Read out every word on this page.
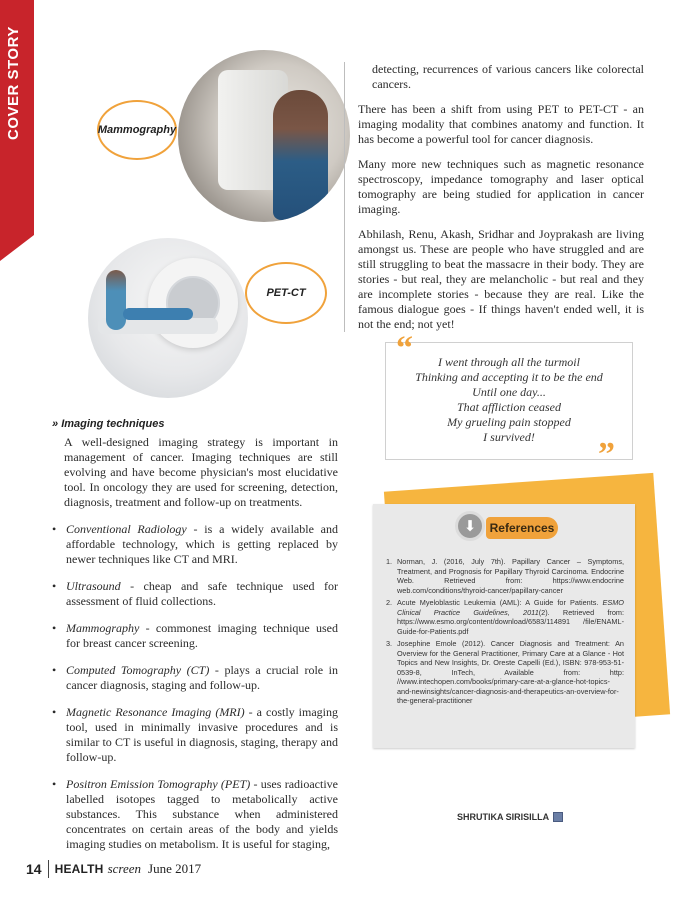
COVER STORY	Mammography
PET-CT

detecting, recurrences of various cancers like colorectal cancers.

There has been a shift from using PET to PET-CT - an imaging modality that combines anatomy and function. It has become a powerful tool for cancer diagnosis.

Many more new techniques such as magnetic resonance spectroscopy, impedance tomography and laser optical tomography are being studied for application in cancer imaging.

Abhilash, Renu, Akash, Sridhar and Joyprakash are living amongst us. These are people who have struggled and are still struggling to beat the massacre in their body. They are stories - but real, they are melancholic - but real and they are incomplete stories - because they are real. Like the famous dialogue goes - If things haven't ended well, it is not the end; not yet!

I went through all the turmoil
Thinking and accepting it to be the end
Until one day...
That affliction ceased
My grueling pain stopped
I survived!
“
”
⬇	References
1. Norman, J. (2016, July 7th). Papillary Cancer – Symptoms, Treatment, and Prognosis for Papillary Thyroid Carcinoma. Endocrine Web. Retrieved from: https://www.endocrine web.com/conditions/thyroid-cancer/papillary-cancer
2. Acute Myeloblastic Leukemia (AML): A Guide for Patients. ESMO Clinical Practice Guidelines, 2011(2). Retrieved from: https://www.esmo.org/content/download/6583/114891 /file/ENAML-Guide-for-Patients.pdf
3. Josephine Emole (2012). Cancer Diagnosis and Treatment: An Overview for the General Practitioner, Primary Care at a Glance - Hot Topics and New Insights, Dr. Oreste Capelli (Ed.), ISBN: 978-953-51-0539-8, InTech, Available from: http: //www.intechopen.com/books/primary-care-at-a-glance-hot-topics-and-newinsights/cancer-diagnosis-and-therapeutics-an-overview-for-the-general-practitioner
SHRUTIKA SIRISILLA
» Imaging techniques

A well-designed imaging strategy is important in management of cancer. Imaging techniques are still evolving and have become physician's most elucidative tool. In oncology they are used for screening, detection, diagnosis, treatment and follow-up on treatments.

• Conventional Radiology - is a widely available and affordable technology, which is getting replaced by newer techniques like CT and MRI.
• Ultrasound - cheap and safe technique used for assessment of fluid collections.
• Mammography - commonest imaging technique used for breast cancer screening.
• Computed Tomography (CT) - plays a crucial role in cancer diagnosis, staging and follow-up.
• Magnetic Resonance Imaging (MRI) - a costly imaging tool, used in minimally invasive procedures and is similar to CT is useful in diagnosis, staging, therapy and follow-up.
• Positron Emission Tomography (PET) - uses radioactive labelled isotopes tagged to metabolically active substances. This substance when administered concentrates on certain areas of the body and yields imaging studies on metabolism. It is useful for staging,
14 HEALTH screen June 2017
